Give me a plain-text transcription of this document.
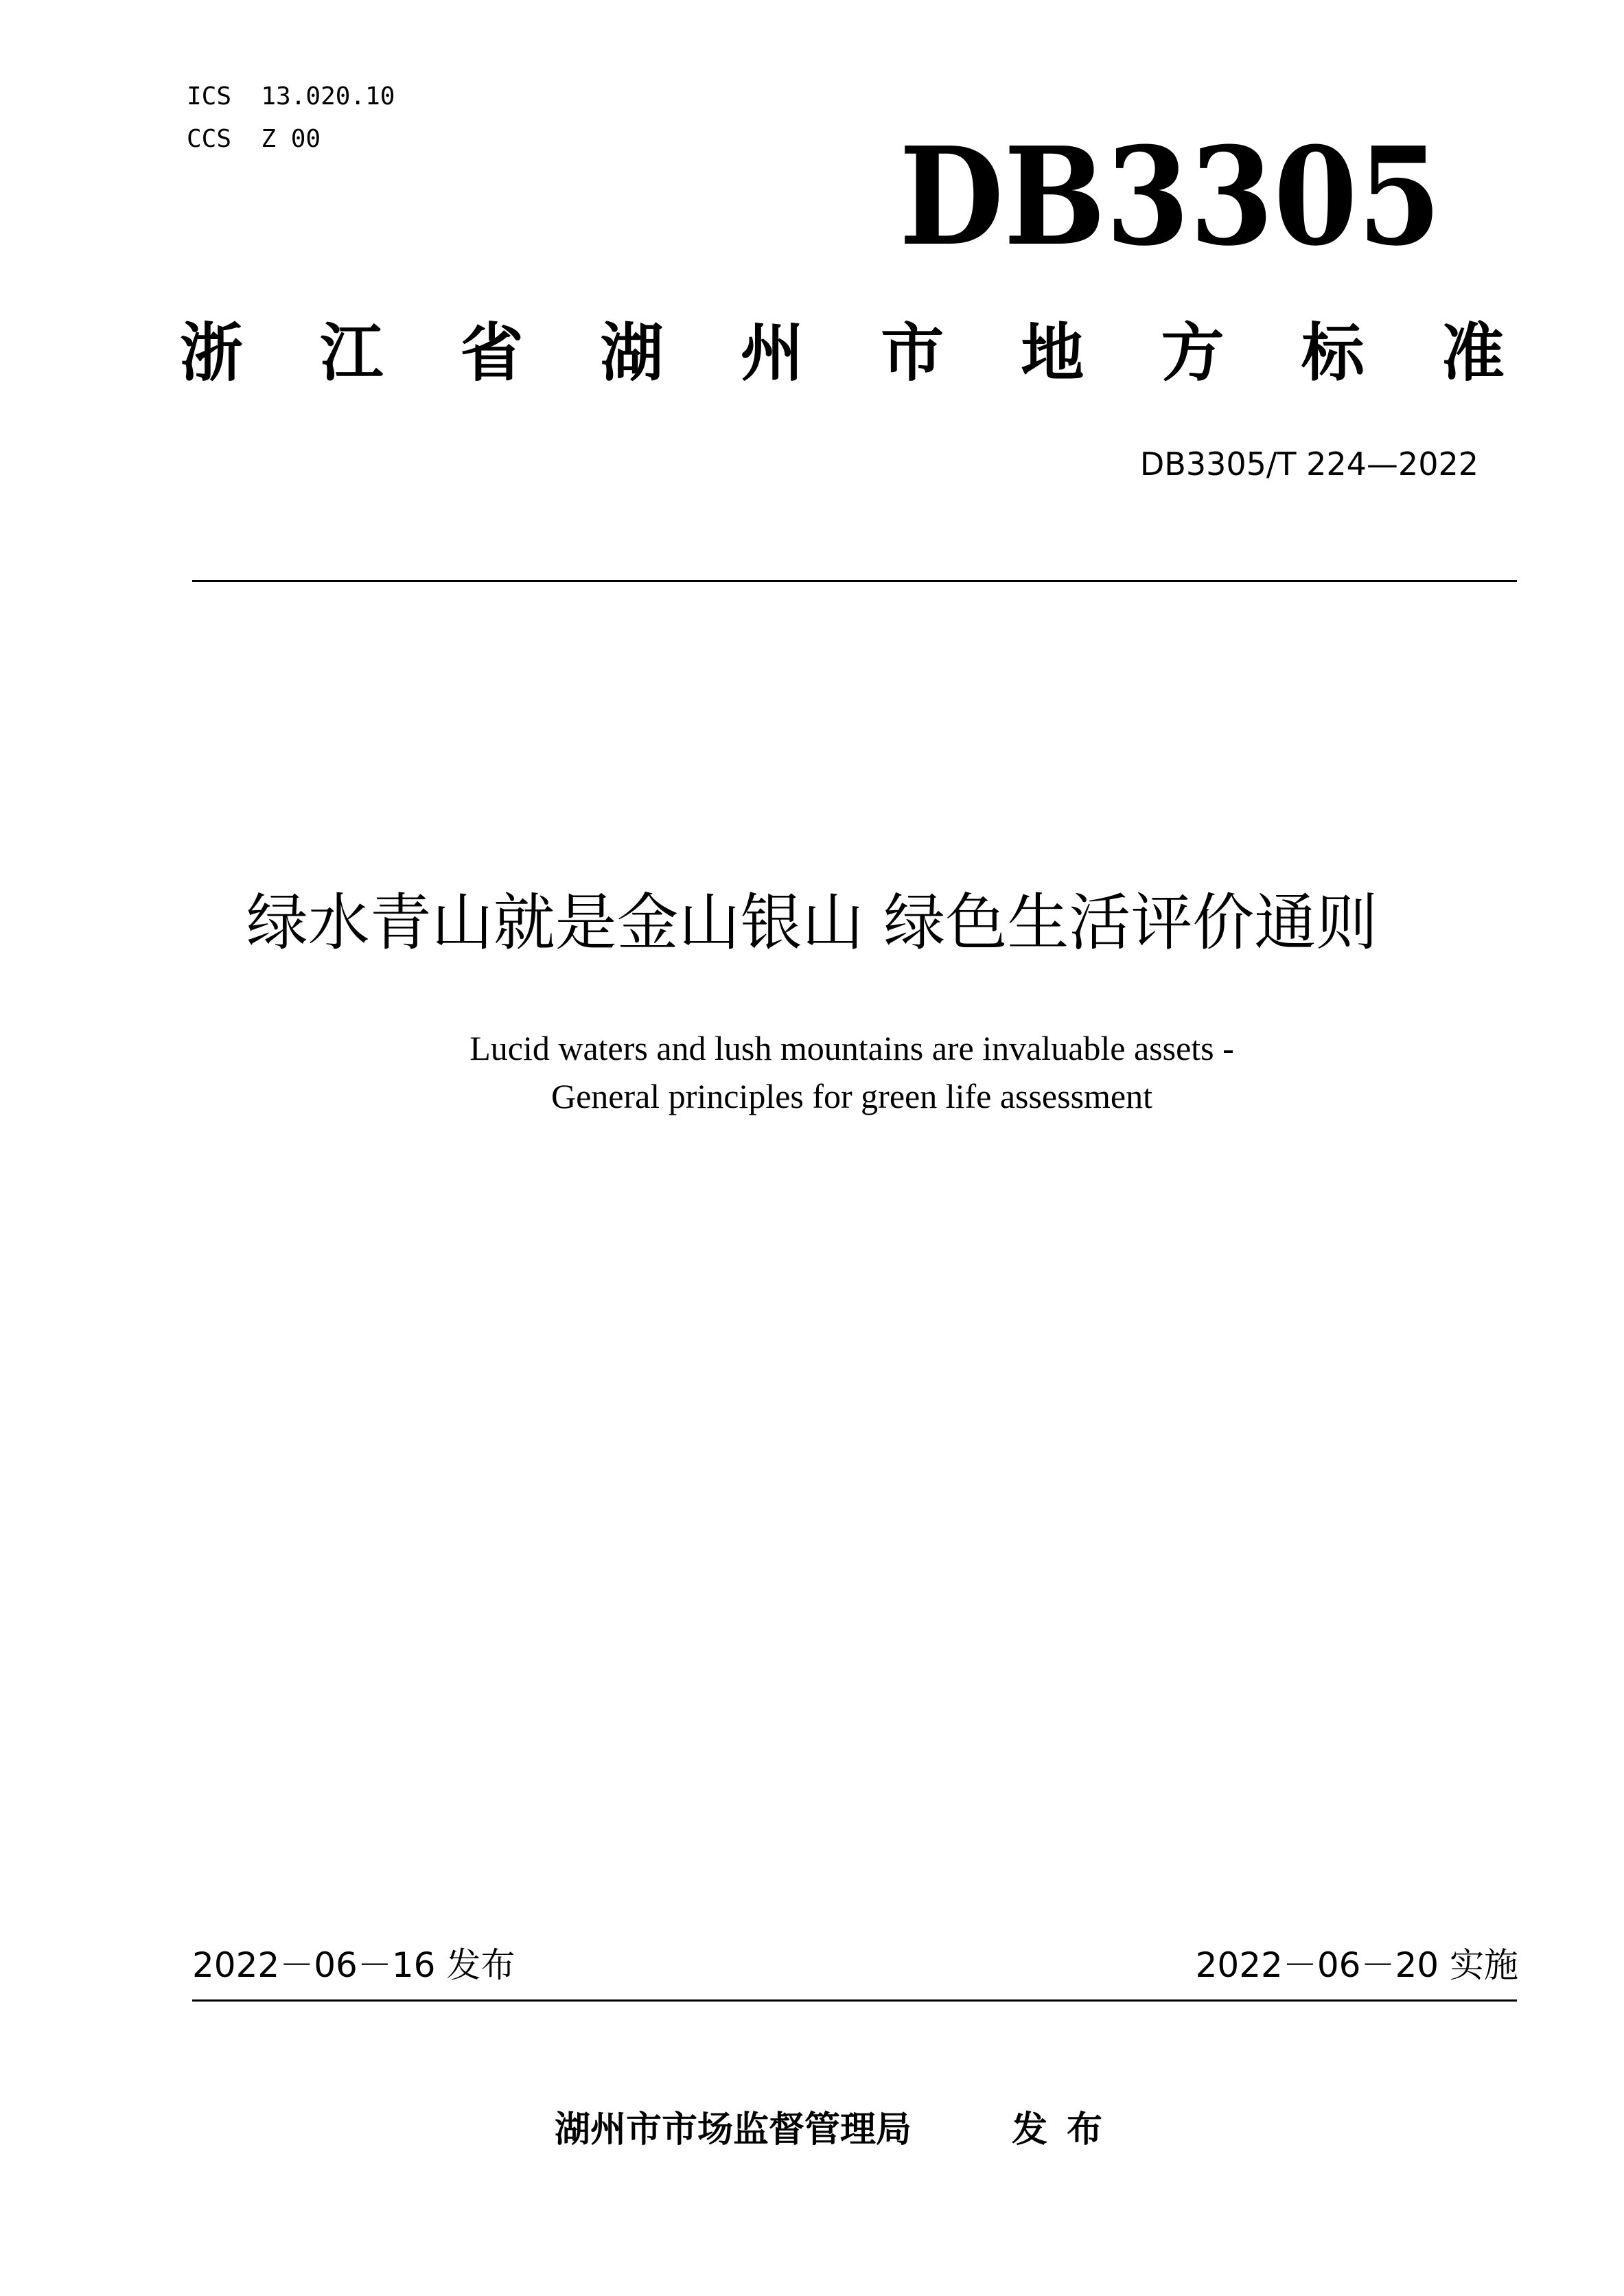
ICS  13.020.10
CCS  Z 00	DB3305
浙 江 省 湖 州 市 地 方 标 准
DB3305/T 224—2022
绿水青山就是金山银山 绿色生活评价通则
Lucid waters and lush mountains are invaluable assets -
General principles for green life assessment
2022－06－16 发布	2022－06－20 实施
湖州市市场监督管理局	发布
